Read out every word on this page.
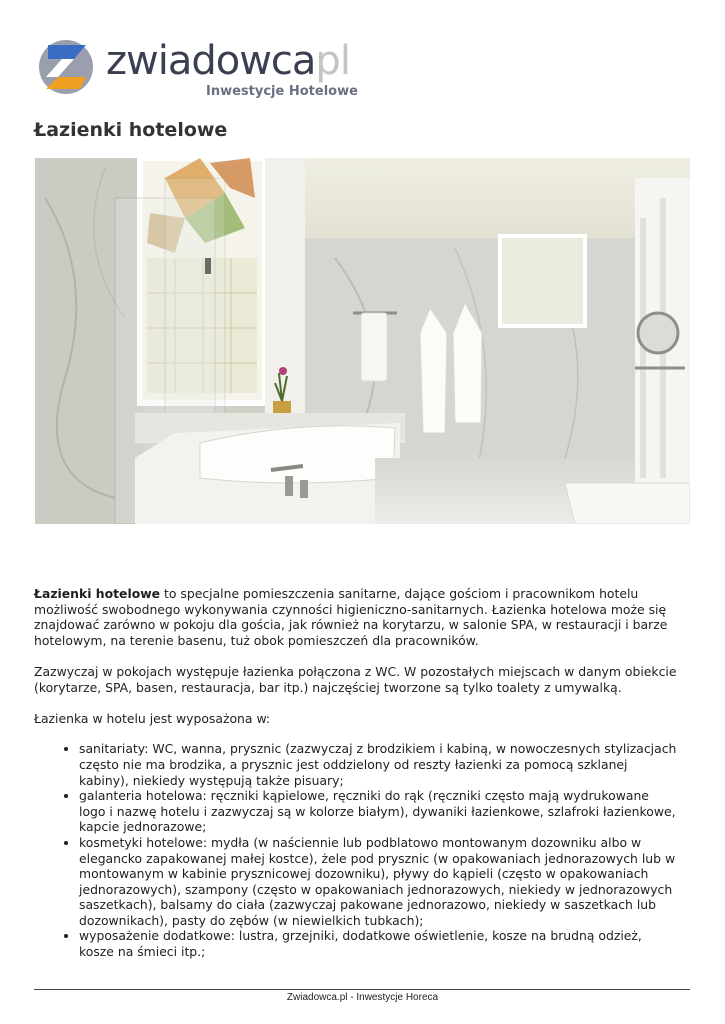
zwiadowcapl
Inwestycje Hotelowe
Łazienki hotelowe

Łazienki hotelowe to specjalne pomieszczenia sanitarne, dające gościom i pracownikom hotelu możliwość swobodnego wykonywania czynności higieniczno-sanitarnych. Łazienka hotelowa może się znajdować zarówno w pokoju dla gościa, jak również na korytarzu, w salonie SPA, w restauracji i barze hotelowym, na terenie basenu, tuż obok pomieszczeń dla pracowników.

Zazwyczaj w pokojach występuje łazienka połączona z WC. W pozostałych miejscach w danym obiekcie (korytarze, SPA, basen, restauracja, bar itp.) najczęściej tworzone są tylko toalety z umywalką.

Łazienka w hotelu jest wyposażona w:

• sanitariaty: WC, wanna, prysznic (zazwyczaj z brodzikiem i kabiną, w nowoczesnych stylizacjach często nie ma brodzika, a prysznic jest oddzielony od reszty łazienki za pomocą szklanej kabiny), niekiedy występują także pisuary;
• galanteria hotelowa: ręczniki kąpielowe, ręczniki do rąk (ręczniki często mają wydrukowane logo i nazwę hotelu i zazwyczaj są w kolorze białym), dywaniki łazienkowe, szlafroki łazienkowe, kapcie jednorazowe;
• kosmetyki hotelowe: mydła (w naściennie lub podblatowo montowanym dozowniku albo w elegancko zapakowanej małej kostce), żele pod prysznic (w opakowaniach jednorazowych lub w montowanym w kabinie prysznicowej dozowniku), pływy do kąpieli (często w opakowaniach jednorazowych), szampony (często w opakowaniach jednorazowych, niekiedy w jednorazowych saszetkach), balsamy do ciała (zazwyczaj pakowane jednorazowo, niekiedy w saszetkach lub dozownikach), pasty do zębów (w niewielkich tubkach);
• wyposażenie dodatkowe: lustra, grzejniki, dodatkowe oświetlenie, kosze na brudną odzież, kosze na śmieci itp.;
Zwiadowca.pl - Inwestycje Horeca
